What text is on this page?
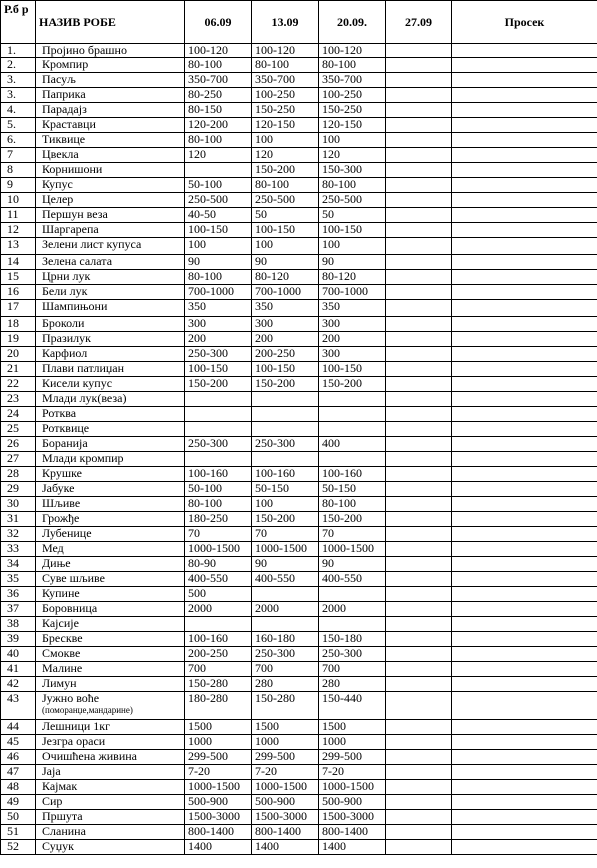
Р.б р	НАЗИВ РОБЕ	06.09	13.09	20.09.	27.09	Просек
1.	Пројино брашно	100-120	100-120	100-120		
2.	Кромпир	80-100	80-100	80-100		
3.	Пасуљ	350-700	350-700	350-700		
3.	Паприка	80-250	100-250	100-250		
4.	Парадајз	80-150	150-250	150-250		
5.	Краставци	120-200	120-150	120-150		
6.	Тиквице	80-100	100	100		
7	Цвекла	120	120	120		
8	Корнишони		150-200	150-300		
9	Купус	50-100	80-100	80-100		
10	Целер	250-500	250-500	250-500		
11	Першун веза	40-50	50	50		
12	Шаргарепа	100-150	100-150	100-150		
13	Зелени лист купуса	100	100	100		
14	Зелена салата	90	90	90		
15	Црни лук	80-100	80-120	80-120		
16	Бели лук	700-1000	700-1000	700-1000		
17	Шампињони	350	350	350		
18	Броколи	300	300	300		
19	Празилук	200	200	200		
20	Карфиол	250-300	200-250	300		
21	Плави патлиџан	100-150	100-150	100-150		
22	Кисели купус	150-200	150-200	150-200		
23	Млади лук(веза)					
24	Ротква					
25	Ротквице					
26	Боранија	250-300	250-300	400		
27	Млади кромпир					
28	Крушке	100-160	100-160	100-160		
29	Јабуке	50-100	50-150	50-150		
30	Шљиве	80-100	100	80-100		
31	Грожђе	180-250	150-200	150-200		
32	Лубенице	70	70	70		
33	Мед	1000-1500	1000-1500	1000-1500		
34	Диње	80-90	90	90		
35	Суве шљиве	400-550	400-550	400-550		
36	Купине	500				
37	Боровница	2000	2000	2000		
38	Кајсије					
39	Брескве	100-160	160-180	150-180		
40	Смокве	200-250	250-300	250-300		
41	Малине	700	700	700		
42	Лимун	150-280	280	280		
43	Јужно воће
(поморанџе,мандарине)	180-280	150-280	150-440		
44	Лешници 1кг	1500	1500	1500		
45	Језгра ораси	1000	1000	1000		
46	Очишћена живина	299-500	299-500	299-500		
47	Јаја	7-20	7-20	7-20		
48	Кајмак	1000-1500	1000-1500	1000-1500		
49	Сир	500-900	500-900	500-900		
50	Пршута	1500-3000	1500-3000	1500-3000		
51	Сланина	800-1400	800-1400	800-1400		
52	Суџук	1400	1400	1400		
